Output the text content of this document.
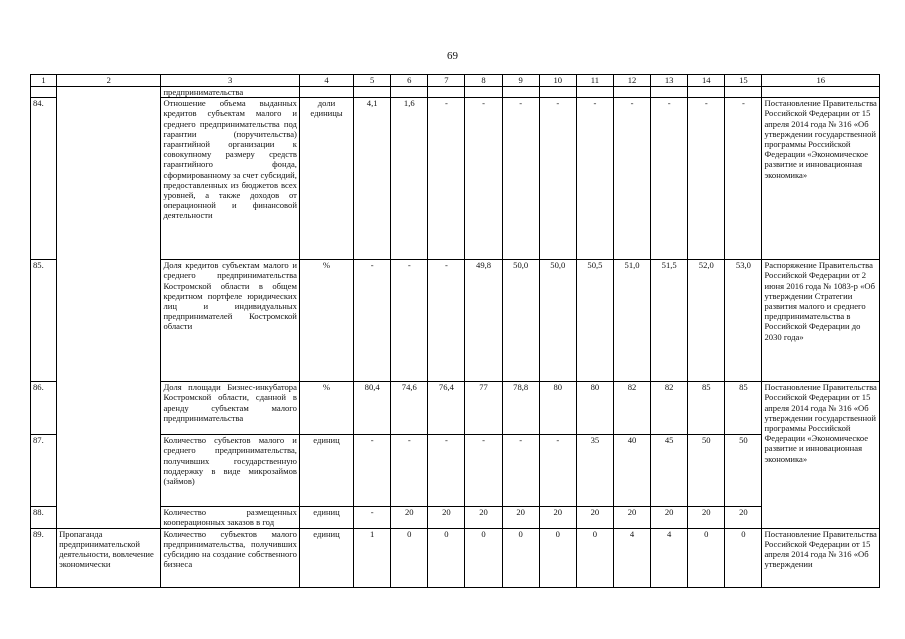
69
1	2	3	4	5	6	7	8	9	10	11	12	13	14	15	16
		предпринимательства													
84.		Отношение объема выданных кредитов субъектам малого и среднего предпринимательства под гарантии (поручительства) гарантийной организации к совокупному размеру средств гарантийного фонда, сформированному за счет субсидий, предоставленных из бюджетов всех уровней, а также доходов от операционной и финансовой деятельности	доли единицы	4,1	1,6	-	-	-	-	-	-	-	-	-	Постановление Правительства Российской Федерации от 15 апреля 2014 года № 316 «Об утверждении государственной программы Российской Федерации «Экономическое развитие и инновационная экономика»
85.		Доля кредитов субъектам малого и среднего предпринимательства Костромской области в общем кредитном портфеле юридических лиц и индивидуальных предпринимателей Костромской области	%	-	-	-	49,8	50,0	50,0	50,5	51,0	51,5	52,0	53,0	Распоряжение Правительства Российской Федерации от 2 июня 2016 года № 1083-р «Об утверждении Стратегии развития малого и среднего предпринимательства в Российской Федерации до 2030 года»
86.		Доля площади Бизнес-инкубатора Костромской области, сданной в аренду субъектам малого предпринимательства	%	80,4	74,6	76,4	77	78,8	80	80	82	82	85	85	Постановление Правительства Российской Федерации от 15 апреля 2014 года № 316 «Об утверждении государственной программы Российской Федерации «Экономическое развитие и инновационная экономика»
87.		Количество субъектов малого и среднего предпринимательства, получивших государственную поддержку в виде микрозаймов (займов)	единиц	-	-	-	-	-	-	35	40	45	50	50	
88.		Количество размещенных кооперационных заказов в год	единиц	-	20	20	20	20	20	20	20	20	20	20	
89.	Пропаганда предпринимательской деятельности, вовлечение экономически	Количество субъектов малого предпринимательства, получивших субсидию на создание собственного бизнеса	единиц	1	0	0	0	0	0	0	4	4	0	0	Постановление Правительства Российской Федерации от 15 апреля 2014 года № 316 «Об утверждении
